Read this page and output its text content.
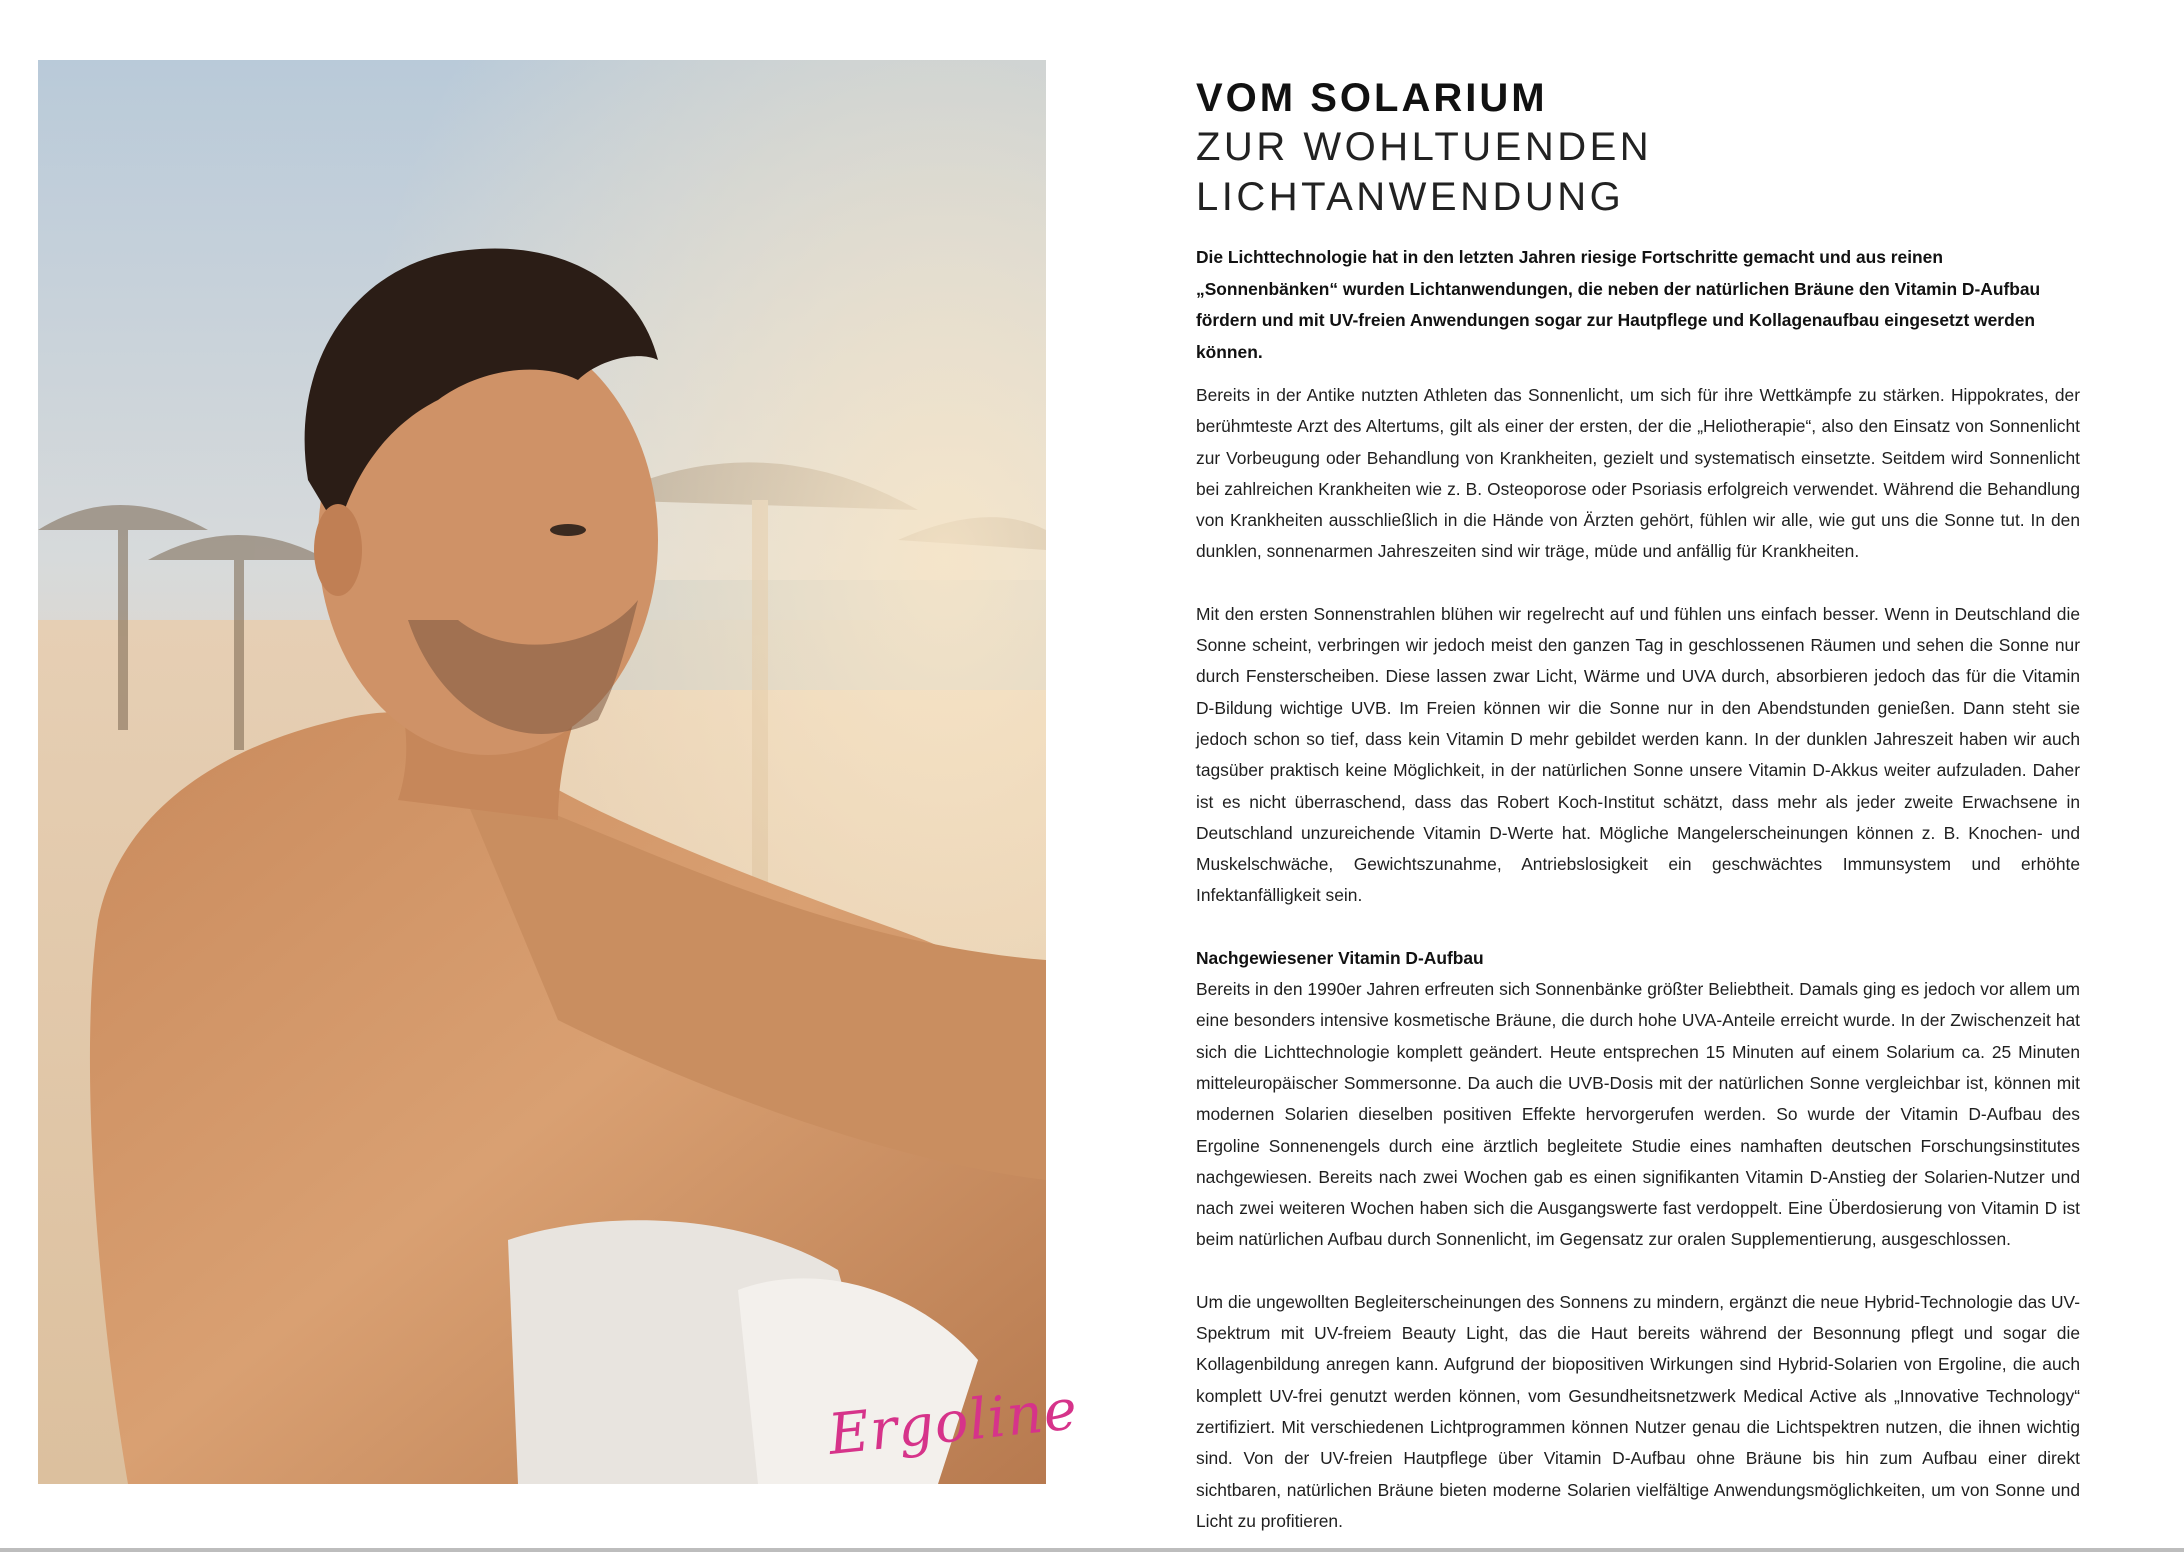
Ergoline
VOM SOLARIUM
ZUR WOHLTUENDEN LICHTANWENDUNG

Die Lichttechnologie hat in den letzten Jahren riesige Fortschritte gemacht und aus reinen „Sonnenbänken“ wurden Lichtanwendungen, die neben der natürlichen Bräune den Vitamin D-Aufbau fördern und mit UV-freien Anwendungen sogar zur Hautpflege und Kollagenaufbau eingesetzt werden können.

Bereits in der Antike nutzten Athleten das Sonnenlicht, um sich für ihre Wettkämpfe zu stärken. Hippokrates, der berühmteste Arzt des Altertums, gilt als einer der ersten, der die „Heliotherapie“, also den Einsatz von Sonnenlicht zur Vorbeugung oder Behandlung von Krankheiten, gezielt und systematisch einsetzte. Seitdem wird Sonnenlicht bei zahlreichen Krankheiten wie z. B. Osteoporose oder Psoriasis erfolgreich verwendet. Während die Behandlung von Krankheiten ausschließlich in die Hände von Ärzten gehört, fühlen wir alle, wie gut uns die Sonne tut. In den dunklen, sonnenarmen Jahreszeiten sind wir träge, müde und anfällig für Krankheiten.

Mit den ersten Sonnenstrahlen blühen wir regelrecht auf und fühlen uns einfach besser. Wenn in Deutschland die Sonne scheint, verbringen wir jedoch meist den ganzen Tag in geschlossenen Räumen und sehen die Sonne nur durch Fensterscheiben. Diese lassen zwar Licht, Wärme und UVA durch, absorbieren jedoch das für die Vitamin D-Bildung wichtige UVB. Im Freien können wir die Sonne nur in den Abendstunden genießen. Dann steht sie jedoch schon so tief, dass kein Vitamin D mehr gebildet werden kann. In der dunklen Jahreszeit haben wir auch tagsüber praktisch keine Möglichkeit, in der natürlichen Sonne unsere Vitamin D-Akkus weiter aufzuladen. Daher ist es nicht überraschend, dass das Robert Koch-Institut schätzt, dass mehr als jeder zweite Erwachsene in Deutschland unzureichende Vitamin D-Werte hat. Mögliche Mangelerscheinungen können z. B. Knochen- und Muskelschwäche, Gewichtszunahme, Antriebslosigkeit ein geschwächtes Immunsystem und erhöhte Infektanfälligkeit sein.

Nachgewiesener Vitamin D-Aufbau

Bereits in den 1990er Jahren erfreuten sich Sonnenbänke größter Beliebtheit. Damals ging es jedoch vor allem um eine besonders intensive kosmetische Bräune, die durch hohe UVA-Anteile erreicht wurde. In der Zwischenzeit hat sich die Lichttechnologie komplett geändert. Heute entsprechen 15 Minuten auf einem Solarium ca. 25 Minuten mitteleuropäischer Sommersonne. Da auch die UVB-Dosis mit der natürlichen Sonne vergleichbar ist, können mit modernen Solarien dieselben positiven Effekte hervorgerufen werden. So wurde der Vitamin D-Aufbau des Ergoline Sonnenengels durch eine ärztlich begleitete Studie eines namhaften deutschen Forschungsinstitutes nachgewiesen. Bereits nach zwei Wochen gab es einen signifikanten Vitamin D-Anstieg der Solarien-Nutzer und nach zwei weiteren Wochen haben sich die Ausgangswerte fast verdoppelt. Eine Überdosierung von Vitamin D ist beim natürlichen Aufbau durch Sonnenlicht, im Gegensatz zur oralen Supplementierung, ausgeschlossen.

Um die ungewollten Begleiterscheinungen des Sonnens zu mindern, ergänzt die neue Hybrid-Technologie das UV-Spektrum mit UV-freiem Beauty Light, das die Haut bereits während der Besonnung pflegt und sogar die Kollagenbildung anregen kann. Aufgrund der biopositiven Wirkungen sind Hybrid-Solarien von Ergoline, die auch komplett UV-frei genutzt werden können, vom Gesundheitsnetzwerk Medical Active als „Innovative Technology“ zertifiziert. Mit verschiedenen Lichtprogrammen können Nutzer genau die Lichtspektren nutzen, die ihnen wichtig sind. Von der UV-freien Hautpflege über Vitamin D-Aufbau ohne Bräune bis hin zum Aufbau einer direkt sichtbaren, natürlichen Bräune bieten moderne Solarien vielfältige Anwendungsmöglichkeiten, um von Sonne und Licht zu profitieren.
